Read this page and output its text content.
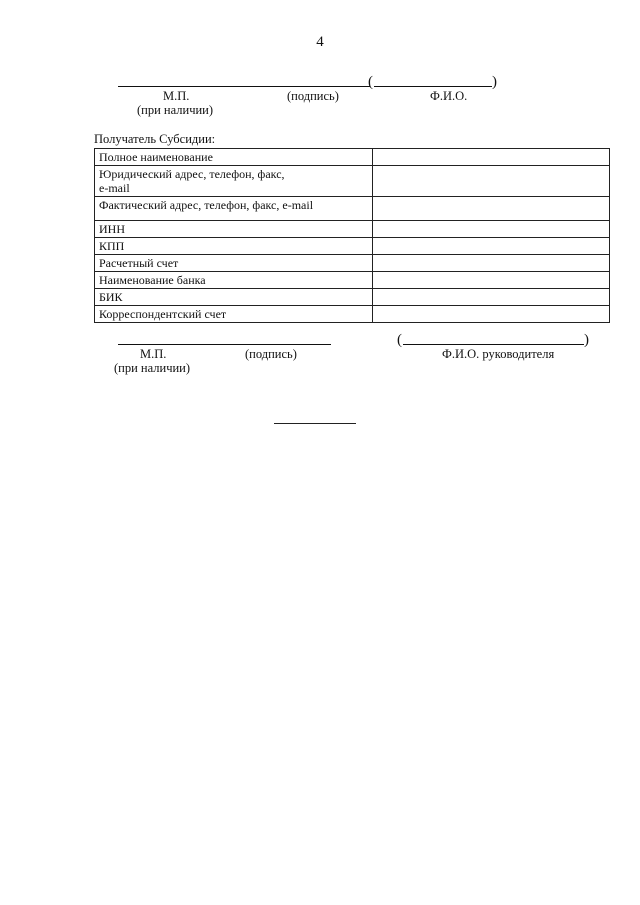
4
(	)
М.П.	(подпись)	Ф.И.О.
(при наличии)
Получатель Субсидии:
Полное наименование	
Юридический адрес, телефон, факс,
e-mail	
Фактический адрес, телефон, факс, e-mail	
ИНН	
КПП	
Расчетный счет	
Наименование банка	
БИК	
Корреспондентский счет	
(	)
М.П.	(подпись)	Ф.И.О. руководителя
(при наличии)
